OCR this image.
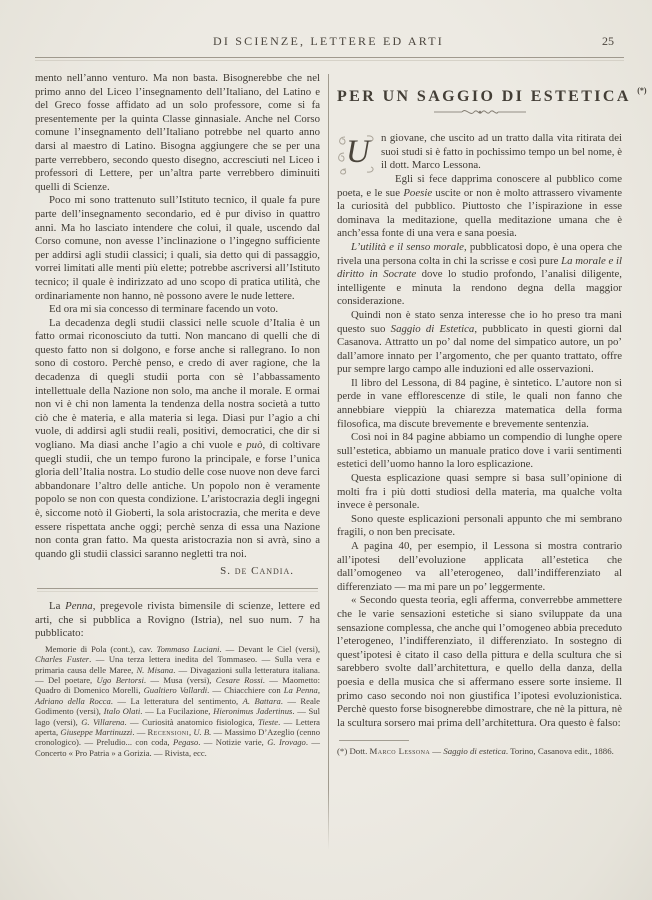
DI SCIENZE, LETTERE ED ARTI	25

mento nell’anno venturo. Ma non basta. Bisognerebbe che nel primo anno del Liceo l’insegnamento dell’Italiano, del Latino e del Greco fosse affidato ad un solo professore, come si fa presentemente per la quinta Classe ginnasiale. Anche nel Corso comune l’insegnamento dell’Italiano potrebbe nel quarto anno darsi al maestro di Latino. Bisogna aggiungere che se per una parte verrebbero, secondo questo disegno, accresciuti nel Liceo i professori di Lettere, per un’altra parte verrebbero diminuiti quelli di Scienze.

Poco mi sono trattenuto sull’Istituto tecnico, il quale fa pure parte dell’insegnamento secondario, ed è pur diviso in quattro anni. Ma ho lasciato intendere che colui, il quale, uscendo dal Corso comune, non avesse l’inclinazione o l’ingegno sufficiente per addirsi agli studii classici; i quali, sia detto qui di passaggio, vorrei limitati alle menti più elette; potrebbe ascriversi all’Istituto tecnico; il quale è indirizzato ad uno scopo di pratica utilità, che ordinariamente non hanno, nè possono avere le nude lettere.

Ed ora mi sia concesso di terminare facendo un voto.

La decadenza degli studii classici nelle scuole d’Italia è un fatto ormai riconosciuto da tutti. Non mancano di quelli che di questo fatto non si dolgono, e forse anche si rallegrano. Io non sono di costoro. Perchè penso, e credo di aver ragione, che la decadenza di quegli studii porta con sè l’abbassamento intellettuale della Nazione non solo, ma anche il morale. E ormai non vi è chi non lamenta la tendenza della nostra società a tutto ciò che è materia, e alla materia si lega. Diasi pur l’agio a chi vuole, di addirsi agli studii reali, positivi, democratici, che dir si vogliano. Ma diasi anche l’agio a chi vuole e può, di coltivare quegli studii, che un tempo furono la principale, e forse l’unica gloria dell’Italia nostra. Lo studio delle cose nuove non deve farci abbandonare l’altro delle antiche. Un popolo non è veramente popolo se non con questa condizione. L’aristocrazia degli ingegni è, siccome notò il Gioberti, la sola aristocrazia, che merita e deve essere rispettata anche oggi; perchè senza di essa una Nazione non conta gran fatto. Ma questa aristocrazia non si avrà, sino a quando gli studii classici saranno negletti tra noi.

S. de Candia.

La Penna, pregevole rivista bimensile di scienze, lettere ed arti, che si pubblica a Rovigno (Istria), nel suo num. 7 ha pubblicato:

Memorie di Pola (cont.), cav. Tommaso Luciani. — Devant le Ciel (versi), Charles Fuster. — Una terza lettera inedita del Tommaseo. — Sulla vera e primaria causa delle Maree, N. Misana. — Divagazioni sulla letteratura italiana. — Del poetare, Ugo Bertorsi. — Musa (versi), Cesare Rossi. — Maometto: Quadro di Domenico Morelli, Gualtiero Vallardi. — Chiacchiere con La Penna, Adriano della Rocca. — La letteratura del sentimento, A. Battara. — Reale Godimento (versi), Italo Olati. — La Fucilazione, Hieronimus Jadertinus. — Sul lago (versi), G. Villarena. — Curiosità anatomico fisiologica, Tieste. — Lettera aperta, Giuseppe Martinuzzi. — Recensioni, U. B. — Massimo D’Azeglio (cenno cronologico). — Preludio... con coda, Pegaso. — Notizie varie, G. Irovago. — Concerto « Pro Patria » a Gorizia. — Rivista, ecc.

PER UN SAGGIO DI ESTETICA (*)

U n giovane, che uscito ad un tratto dalla vita ritirata dei suoi studi si è fatto in pochissimo tempo un bel nome, è il dott. Marco Lessona.

Egli si fece dapprima conoscere al pubblico come poeta, e le sue Poesie uscite or non è molto attrassero vivamente la curiosità del pubblico. Piuttosto che l’ispirazione in esse dominava la meditazione, quella meditazione umana che è anch’essa fonte di una vera e sana poesia.

L’utilità e il senso morale, pubblicatosi dopo, è una opera che rivela una persona colta in chi la scrisse e così pure La morale e il diritto in Socrate dove lo studio profondo, l’analisi diligente, intelligente e minuta la rendono degna della maggior considerazione.

Quindi non è stato senza interesse che io ho preso tra mani questo suo Saggio di Estetica, pubblicato in questi giorni dal Casanova. Attratto un po’ dal nome del simpatico autore, un po’ dall’amore innato per l’argomento, che per quanto trattato, offre pur sempre largo campo alle induzioni ed alle osservazioni.

Il libro del Lessona, di 84 pagine, è sintetico. L’autore non si perde in vane efflorescenze di stile, le quali non fanno che annebbiare vieppiù la chiarezza matematica della forma filosofica, ma discute brevemente e brevemente sentenzia.

Così noi in 84 pagine abbiamo un compendio di lunghe opere sull’estetica, abbiamo un manuale pratico dove i varii sentimenti estetici dell’uomo hanno la loro esplicazione.

Questa esplicazione quasi sempre si basa sull’opinione di molti fra i più dotti studiosi della materia, ma qualche volta invece è personale.

Sono queste esplicazioni personali appunto che mi sembrano fragili, o non ben precisate.

A pagina 40, per esempio, il Lessona si mostra contrario all’ipotesi dell’evoluzione applicata all’estetica che dall’omogeneo va all’eterogeneo, dall’indifferenziato al differenziato — ma mi pare un po’ leggermente.

« Secondo questa teoria, egli afferma, converrebbe ammettere che le varie sensazioni estetiche si siano sviluppate da una sensazione complessa, che anche qui l’omogeneo abbia preceduto l’eterogeneo, l’indifferenziato, il differenziato. In sostegno di quest’ipotesi è citato il caso della pittura e della scultura che si sarebbero svolte dall’architettura, e quello della danza, della poesia e della musica che si affermano essere sorte insieme. Il primo caso secondo noi non giustifica l’ipotesi evoluzionistica. Perchè questo forse bisognerebbe dimostrare, che nè la pittura, nè la scultura sorsero mai prima dell’architettura. Ora questo è falso:

(*) Dott. Marco Lessona — Saggio di estetica. Torino, Casanova edit., 1886.
